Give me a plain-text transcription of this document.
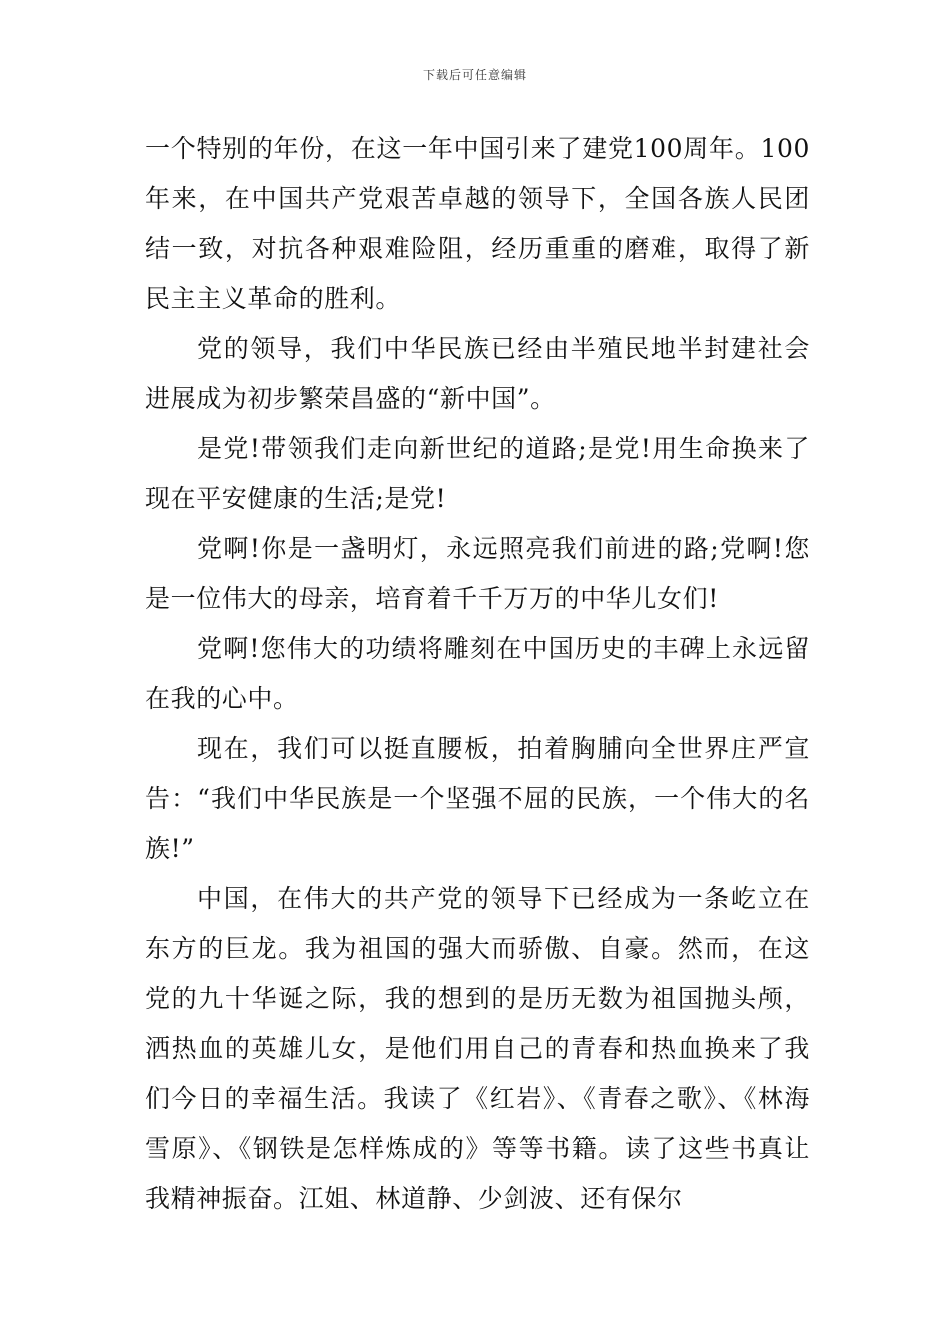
下载后可任意编辑

一个特别的年份，在这一年中国引来了建党100周年。100年来，在中国共产党艰苦卓越的领导下，全国各族人民团结一致，对抗各种艰难险阻，经历重重的磨难，取得了新民主主义革命的胜利。

党的领导，我们中华民族已经由半殖民地半封建社会进展成为初步繁荣昌盛的“新中国”。

是党!带领我们走向新世纪的道路;是党!用生命换来了现在平安健康的生活;是党!

党啊!你是一盏明灯，永远照亮我们前进的路;党啊!您是一位伟大的母亲，培育着千千万万的中华儿女们!

党啊!您伟大的功绩将雕刻在中国历史的丰碑上永远留在我的心中。

现在，我们可以挺直腰板，拍着胸脯向全世界庄严宣告：“我们中华民族是一个坚强不屈的民族，一个伟大的名族!”

中国，在伟大的共产党的领导下已经成为一条屹立在东方的巨龙。我为祖国的强大而骄傲、自豪。然而，在这党的九十华诞之际，我的想到的是历无数为祖国抛头颅，洒热血的英雄儿女，是他们用自己的青春和热血换来了我们今日的幸福生活。我读了《红岩》、《青春之歌》、《林海雪原》、《钢铁是怎样炼成的》等等书籍。读了这些书真让我精神振奋。江姐、林道静、少剑波、还有保尔
